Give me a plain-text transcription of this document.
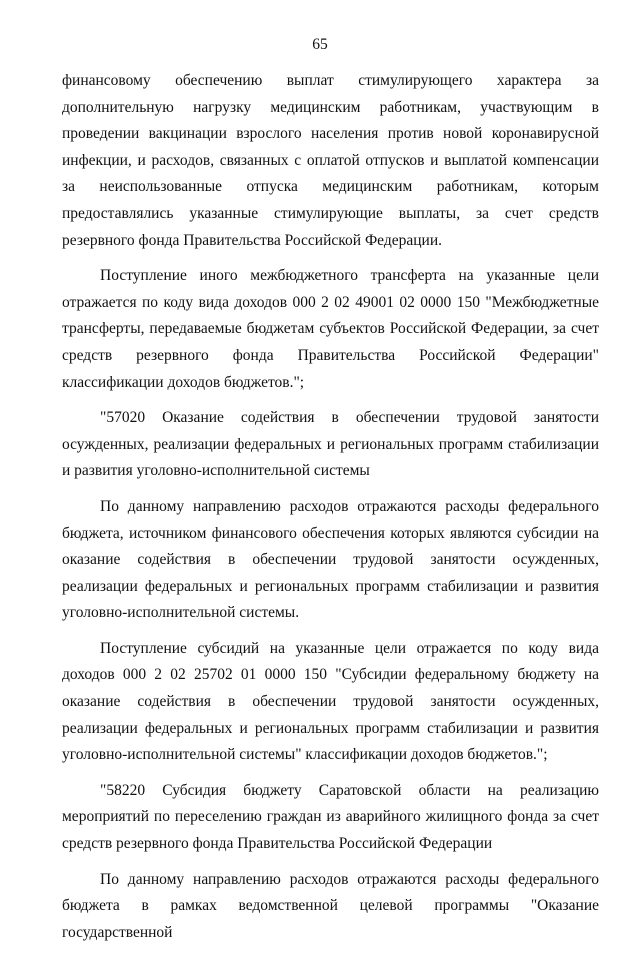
65

финансовому обеспечению выплат стимулирующего характера за дополнительную нагрузку медицинским работникам, участвующим в проведении вакцинации взрослого населения против новой коронавирусной инфекции, и расходов, связанных с оплатой отпусков и выплатой компенсации за неиспользованные отпуска медицинским работникам, которым предоставлялись указанные стимулирующие выплаты, за счет средств резервного фонда Правительства Российской Федерации.

Поступление иного межбюджетного трансферта на указанные цели отражается по коду вида доходов 000 2 02 49001 02 0000 150 "Межбюджетные трансферты, передаваемые бюджетам субъектов Российской Федерации, за счет средств резервного фонда Правительства Российской Федерации" классификации доходов бюджетов.";

"57020 Оказание содействия в обеспечении трудовой занятости осужденных, реализации федеральных и региональных программ стабилизации и развития уголовно-исполнительной системы

По данному направлению расходов отражаются расходы федерального бюджета, источником финансового обеспечения которых являются субсидии на оказание содействия в обеспечении трудовой занятости осужденных, реализации федеральных и региональных программ стабилизации и развития уголовно-исполнительной системы.

Поступление субсидий на указанные цели отражается по коду вида доходов 000 2 02 25702 01 0000 150 "Субсидии федеральному бюджету на оказание содействия в обеспечении трудовой занятости осужденных, реализации федеральных и региональных программ стабилизации и развития уголовно-исполнительной системы" классификации доходов бюджетов.";

"58220 Субсидия бюджету Саратовской области на реализацию мероприятий по переселению граждан из аварийного жилищного фонда за счет средств резервного фонда Правительства Российской Федерации

По данному направлению расходов отражаются расходы федерального бюджета в рамках ведомственной целевой программы "Оказание государственной
